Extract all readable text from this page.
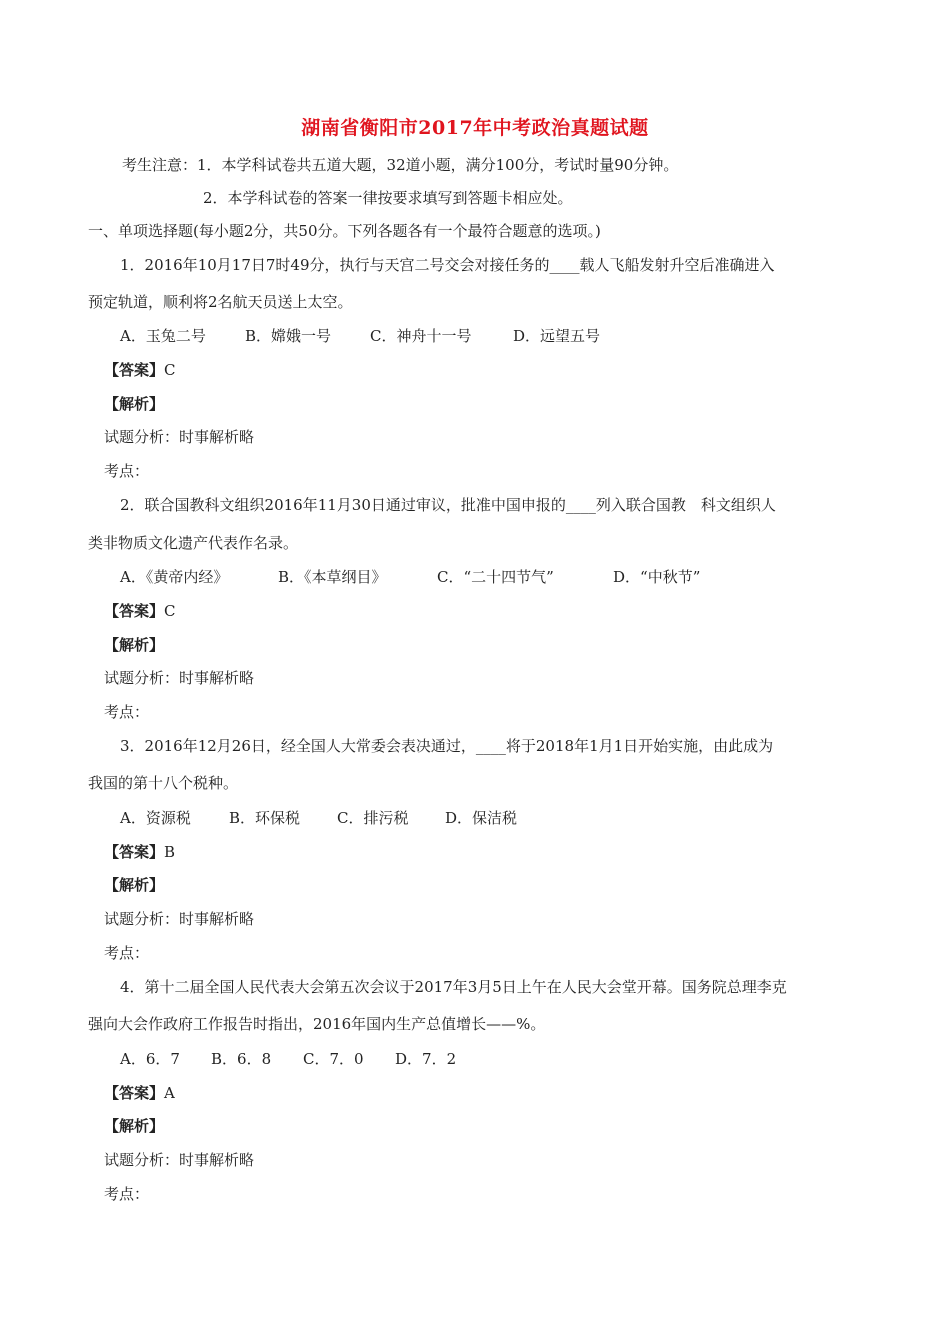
湖南省衡阳市2017年中考政治真题试题
考生注意：1．本学科试卷共五道大题，32道小题，满分100分，考试时量90分钟。
2．本学科试卷的答案一律按要求填写到答题卡相应处。
一、单项选择题(每小题2分，共50分。下列各题各有一个最符合题意的选项。)
1．2016年10月17日7时49分，执行与天宫二号交会对接任务的____载人飞船发射升空后准确进入
预定轨道，顺利将2名航天员送上太空。
A．玉兔二号	B．嫦娥一号	C．神舟十一号	D．远望五号
【答案】C
【解析】
试题分析：时事解析略
考点：
2．联合国教科文组织2016年11月30日通过审议，批准中国申报的____列入联合国教　科文组织人
类非物质文化遗产代表作名录。
A．《黄帝内经》	B．《本草纲目》	C．“二十四节气”	D．“中秋节”
【答案】C
【解析】
试题分析：时事解析略
考点：
3．2016年12月26日，经全国人大常委会表决通过，____将于2018年1月1日开始实施，由此成为
我国的第十八个税种。
A．资源税	B．环保税 C．排污税 D．保洁税
【答案】B
【解析】
试题分析：时事解析略
考点：
4．第十二届全国人民代表大会第五次会议于2017年3月5日上午在人民大会堂开幕。国务院总理李克
强向大会作政府工作报告时指出，2016年国内生产总值增长——%。
A．6．7 B．6．8 C．7．0 D．7．2
【答案】A
【解析】
试题分析：时事解析略
考点：
